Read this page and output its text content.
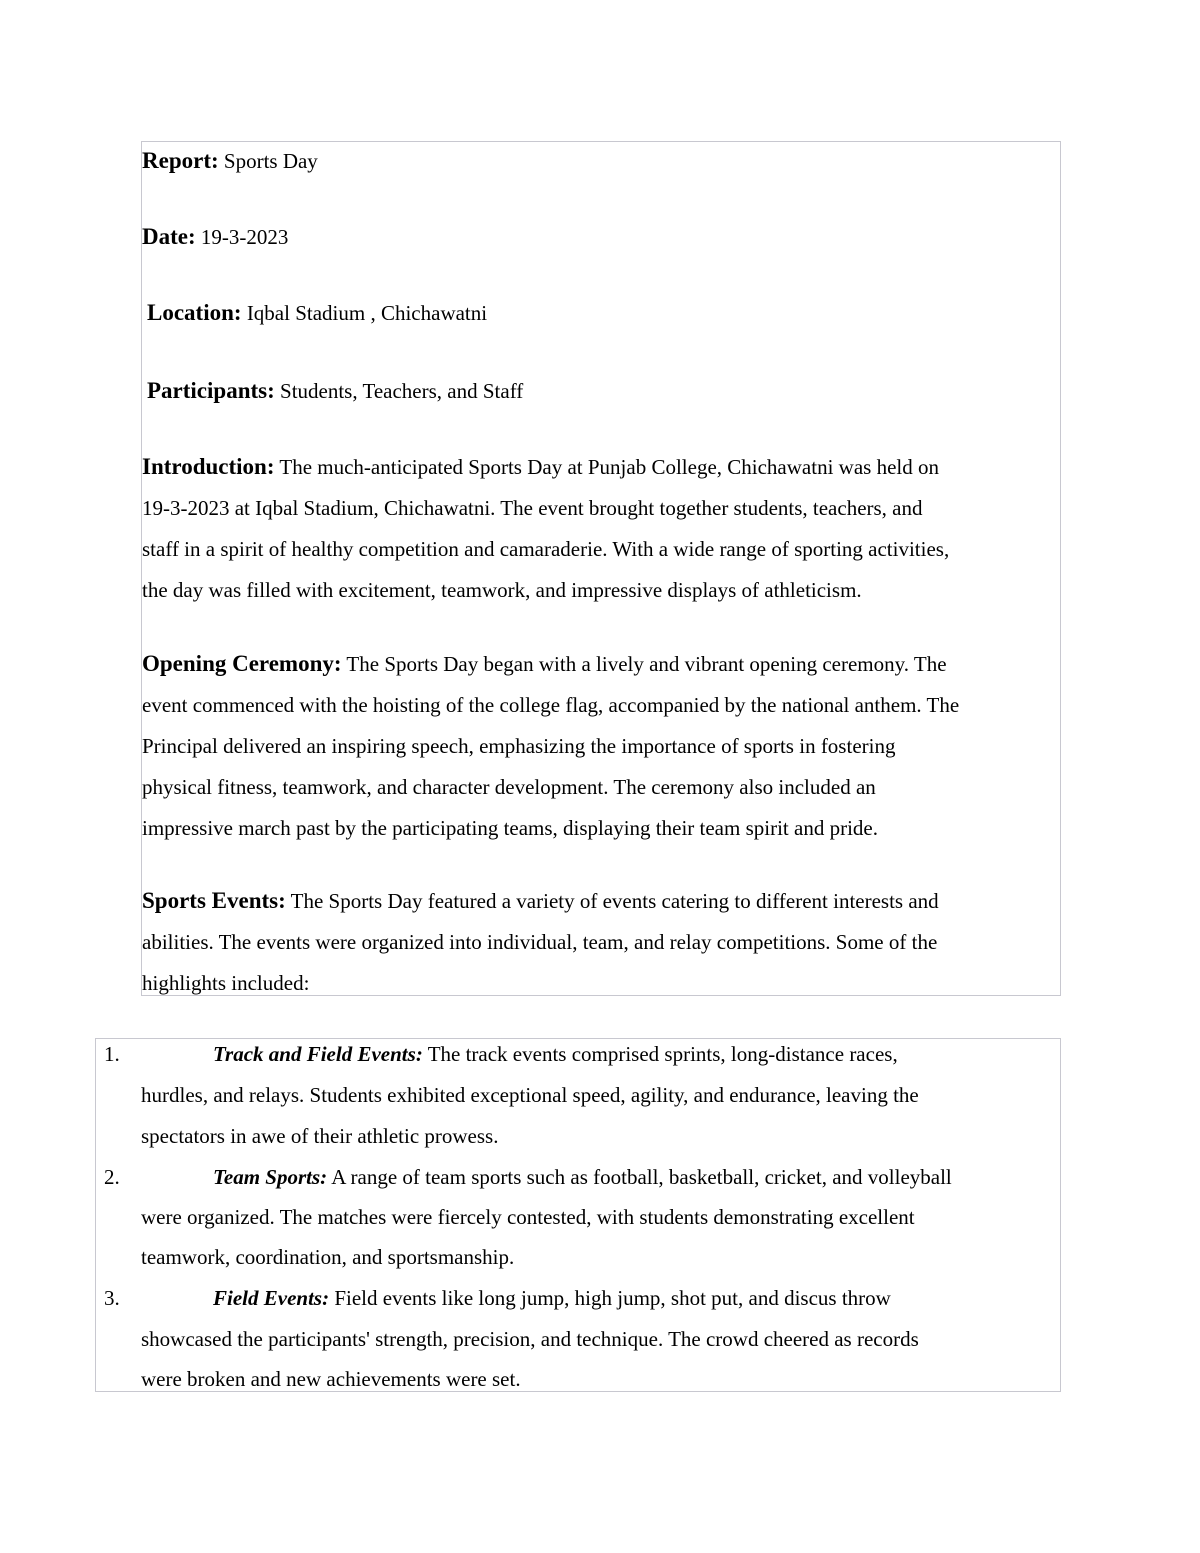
Report: Sports Day
Date: 19-3-2023
Location: Iqbal Stadium , Chichawatni
Participants: Students, Teachers, and Staff
Introduction: The much-anticipated Sports Day at Punjab College, Chichawatni was held on
19-3-2023 at Iqbal Stadium, Chichawatni. The event brought together students, teachers, and
staff in a spirit of healthy competition and camaraderie. With a wide range of sporting activities,
the day was filled with excitement, teamwork, and impressive displays of athleticism.
Opening Ceremony: The Sports Day began with a lively and vibrant opening ceremony. The
event commenced with the hoisting of the college flag, accompanied by the national anthem. The
Principal delivered an inspiring speech, emphasizing the importance of sports in fostering
physical fitness, teamwork, and character development. The ceremony also included an
impressive march past by the participating teams, displaying their team spirit and pride.
Sports Events: The Sports Day featured a variety of events catering to different interests and
abilities. The events were organized into individual, team, and relay competitions. Some of the
highlights included:
1.	Track and Field Events: The track events comprised sprints, long-distance races,
hurdles, and relays. Students exhibited exceptional speed, agility, and endurance, leaving the
spectators in awe of their athletic prowess.
2.	Team Sports: A range of team sports such as football, basketball, cricket, and volleyball
were organized. The matches were fiercely contested, with students demonstrating excellent
teamwork, coordination, and sportsmanship.
3.	Field Events: Field events like long jump, high jump, shot put, and discus throw
showcased the participants' strength, precision, and technique. The crowd cheered as records
were broken and new achievements were set.
